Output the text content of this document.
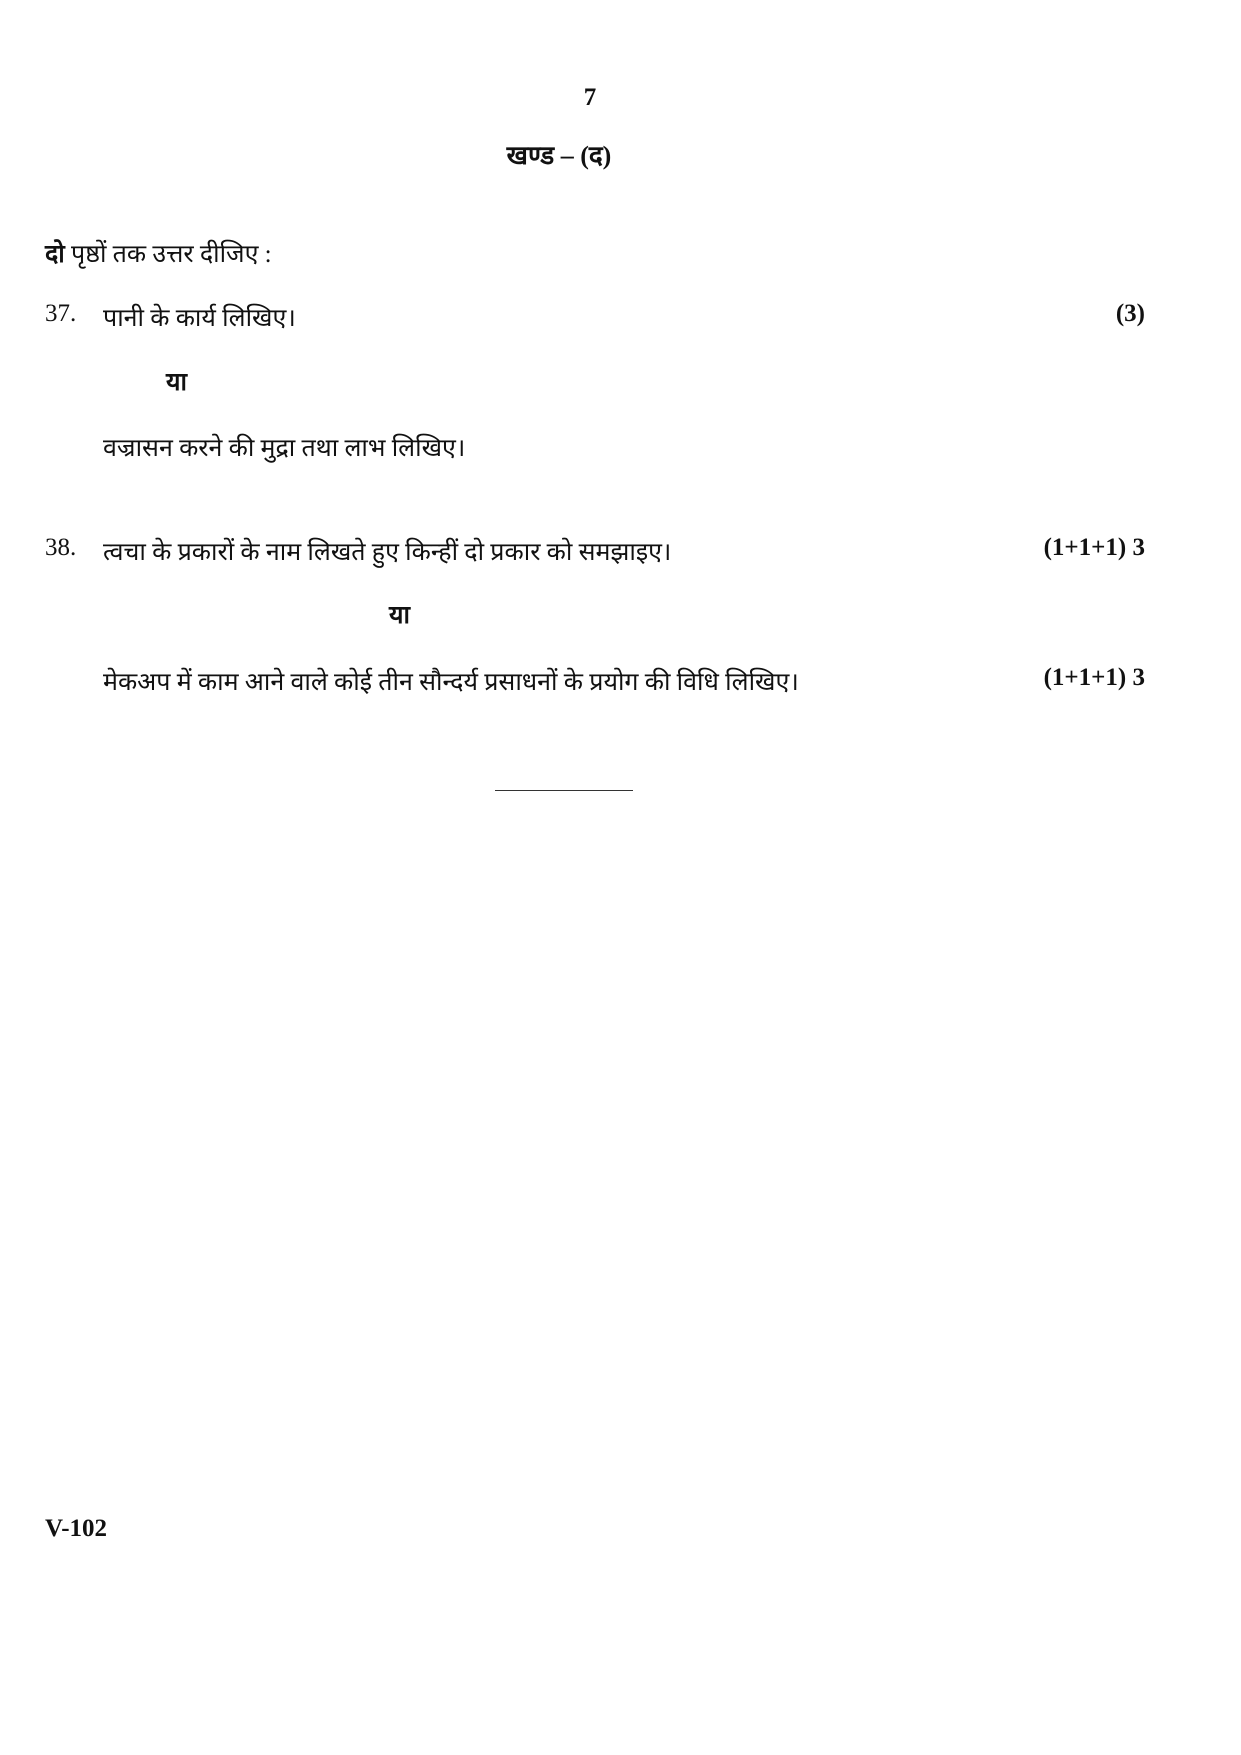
7
खण्ड – (द)
दो पृष्ठों तक उत्तर दीजिए :
37. पानी के कार्य लिखिए।	(3)
या
वज्रासन करने की मुद्रा तथा लाभ लिखिए।
38. त्वचा के प्रकारों के नाम लिखते हुए किन्हीं दो प्रकार को समझाइए।	(1+1+1) 3
या
मेकअप में काम आने वाले कोई तीन सौन्दर्य प्रसाधनों के प्रयोग की विधि लिखिए।	(1+1+1) 3
V-102
